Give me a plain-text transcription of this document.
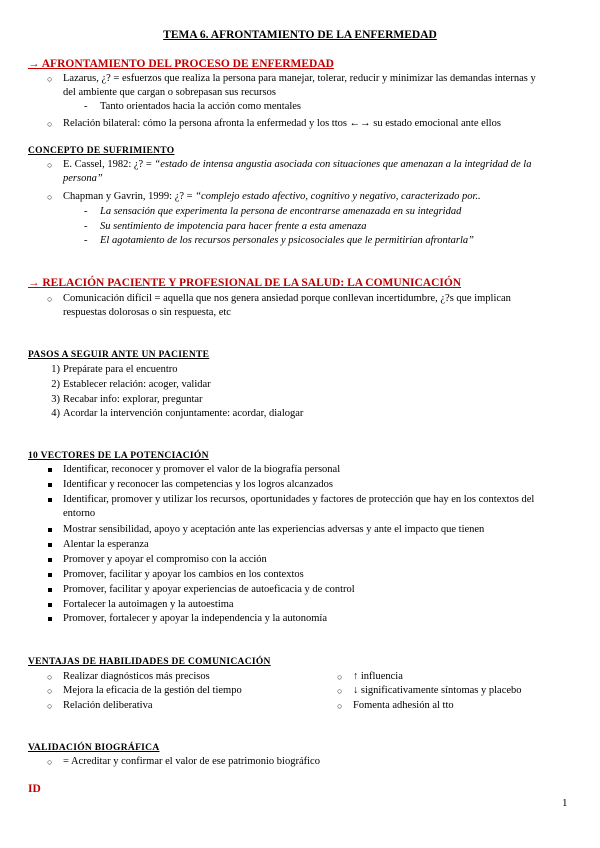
TEMA 6. AFRONTAMIENTO DE LA ENFERMEDAD
→ AFRONTAMIENTO DEL PROCESO DE ENFERMEDAD
○ Lazarus, ¿? = esfuerzos que realiza la persona para manejar, tolerar, reducir y minimizar las demandas internas y
del ambiente que cargan o sobrepasan sus recursos
- Tanto orientados hacia la acción como mentales
○ Relación bilateral: cómo la persona afronta la enfermedad y los ttos ←→ su estado emocional ante ellos
CONCEPTO DE SUFRIMIENTO
○ E. Cassel, 1982: ¿? = “estado de intensa angustia asociada con situaciones que amenazan a la integridad de la
persona”
○ Chapman y Gavrin, 1999: ¿? = “complejo estado afectivo, cognitivo y negativo, caracterizado por..
- La sensación que experimenta la persona de encontrarse amenazada en su integridad
- Su sentimiento de impotencia para hacer frente a esta amenaza
- El agotamiento de los recursos personales y psicosociales que le permitirían afrontarla”
→ RELACIÓN PACIENTE Y PROFESIONAL DE LA SALUD: LA COMUNICACIÓN
○ Comunicación difícil = aquella que nos genera ansiedad porque conllevan incertidumbre, ¿?s que implican
respuestas dolorosas o sin respuesta, etc
PASOS A SEGUIR ANTE UN PACIENTE
1) Prepárate para el encuentro
2) Establecer relación: acoger, validar
3) Recabar info: explorar, preguntar
4) Acordar la intervención conjuntamente: acordar, dialogar
10 VECTORES DE LA POTENCIACIÓN
Identificar, reconocer y promover el valor de la biografía personal
Identificar y reconocer las competencias y los logros alcanzados
Identificar, promover y utilizar los recursos, oportunidades y factores de protección que hay en los contextos del
entorno
Mostrar sensibilidad, apoyo y aceptación ante las experiencias adversas y ante el impacto que tienen
Alentar la esperanza
Promover y apoyar el compromiso con la acción
Promover, facilitar y apoyar los cambios en los contextos
Promover, facilitar y apoyar experiencias de autoeficacia y de control
Fortalecer la autoimagen y la autoestima
Promover, fortalecer y apoyar la independencia y la autonomía
VENTAJAS DE HABILIDADES DE COMUNICACIÓN
○ Realizar diagnósticos más precisos
○ Mejora la eficacia de la gestión del tiempo
○ Relación deliberativa
○ ↑ influencia
○ ↓ significativamente síntomas y placebo
○ Fomenta adhesión al tto
VALIDACIÓN BIOGRÁFICA
○ = Acreditar y confirmar el valor de ese patrimonio biográfico
ID
1
